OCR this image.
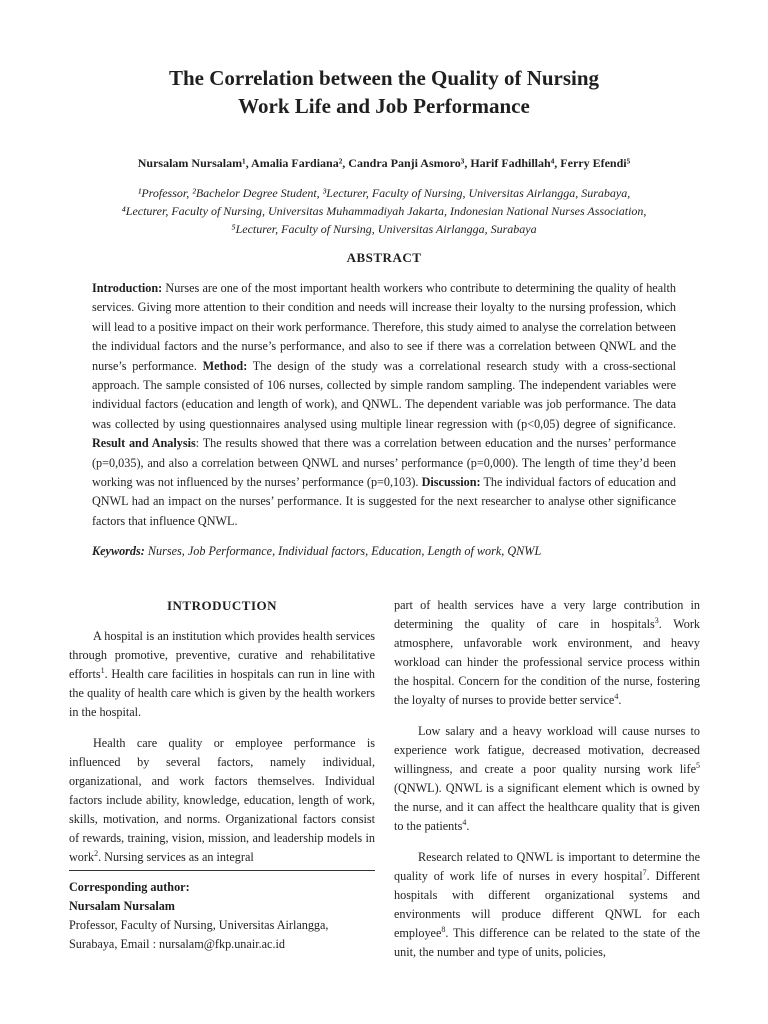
The Correlation between the Quality of Nursing
Work Life and Job Performance
Nursalam Nursalam¹, Amalia Fardiana², Candra Panji Asmoro³, Harif Fadhillah⁴, Ferry Efendi⁵
¹Professor, ²Bachelor Degree Student, ³Lecturer, Faculty of Nursing, Universitas Airlangga, Surabaya,
⁴Lecturer, Faculty of Nursing, Universitas Muhammadiyah Jakarta, Indonesian National Nurses Association,
⁵Lecturer, Faculty of Nursing, Universitas Airlangga, Surabaya
ABSTRACT
Introduction: Nurses are one of the most important health workers who contribute to determining the quality of health services. Giving more attention to their condition and needs will increase their loyalty to the nursing profession, which will lead to a positive impact on their work performance. Therefore, this study aimed to analyse the correlation between the individual factors and the nurse’s performance, and also to see if there was a correlation between QNWL and the nurse’s performance. Method: The design of the study was a correlational research study with a cross-sectional approach. The sample consisted of 106 nurses, collected by simple random sampling. The independent variables were individual factors (education and length of work), and QNWL. The dependent variable was job performance. The data was collected by using questionnaires analysed using multiple linear regression with (p<0,05) degree of significance. Result and Analysis: The results showed that there was a correlation between education and the nurses’ performance (p=0,035), and also a correlation between QNWL and nurses’ performance (p=0,000). The length of time they’d been working was not influenced by the nurses’ performance (p=0,103). Discussion: The individual factors of education and QNWL had an impact on the nurses’ performance. It is suggested for the next researcher to analyse other significance factors that influence QNWL.
Keywords: Nurses, Job Performance, Individual factors, Education, Length of work, QNWL
INTRODUCTION

A hospital is an institution which provides health services through promotive, preventive, curative and rehabilitative efforts$^1$. Health care facilities in hospitals can run in line with the quality of health care which is given by the health workers in the hospital.

Health care quality or employee performance is influenced by several factors, namely individual, organizational, and work factors themselves. Individual factors include ability, knowledge, education, length of work, skills, motivation, and norms. Organizational factors consist of rewards, training, vision, mission, and leadership models in work$^2$. Nursing services as an integral

Corresponding author:
Nursalam Nursalam
Professor, Faculty of Nursing, Universitas Airlangga,
Surabaya, Email : nursalam@fkp.unair.ac.id

part of health services have a very large contribution in determining the quality of care in hospitals$^3$. Work atmosphere, unfavorable work environment, and heavy workload can hinder the professional service process within the hospital. Concern for the condition of the nurse, fostering the loyalty of nurses to provide better service$^4$.

Low salary and a heavy workload will cause nurses to experience work fatigue, decreased motivation, decreased willingness, and create a poor quality nursing work life$^5$ (QNWL). QNWL is a significant element which is owned by the nurse, and it can affect the healthcare quality that is given to the patients$^4$.

Research related to QNWL is important to determine the quality of work life of nurses in every hospital$^7$. Different hospitals with different organizational systems and environments will produce different QNWL for each employee$^8$. This difference can be related to the state of the unit, the number and type of units, policies,
